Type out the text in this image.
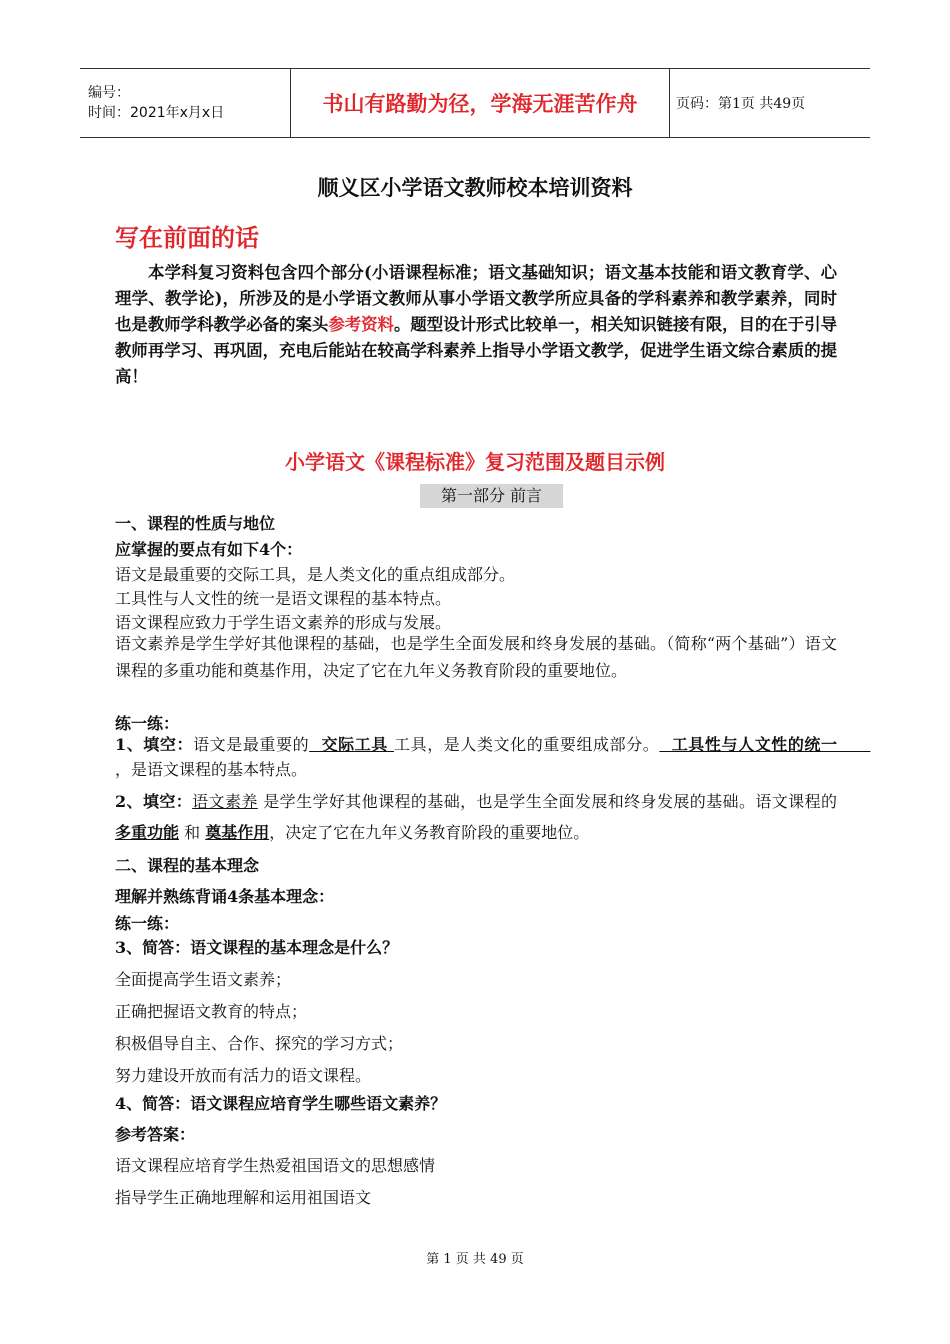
编号：
时间：2021年x月x日	书山有路勤为径，学海无涯苦作舟	页码：第1页 共49页
顺义区小学语文教师校本培训资料
写在前面的话
本学科复习资料包含四个部分(小语课程标准；语文基础知识；语文基本技能和语文教育学、心理学、教学论)，所涉及的是小学语文教师从事小学语文教学所应具备的学科素养和教学素养，同时也是教师学科教学必备的案头参考资料。题型设计形式比较单一，相关知识链接有限，目的在于引导教师再学习、再巩固，充电后能站在较高学科素养上指导小学语文教学，促进学生语文综合素质的提高！
小学语文《课程标准》复习范围及题目示例
第一部分 前言
一、课程的性质与地位
应掌握的要点有如下4个：
语文是最重要的交际工具，是人类文化的重点组成部分。
工具性与人文性的统一是语文课程的基本特点。
语文课程应致力于学生语文素养的形成与发展。
语文素养是学生学好其他课程的基础，也是学生全面发展和终身发展的基础。（简称“两个基础”）语文课程的多重功能和奠基作用，决定了它在九年义务教育阶段的重要地位。
练一练：
1、填空：语文是最重要的  交际工具 工具，是人类文化的重要组成部分。  工具性与人文性的统一      ，是语文课程的基本特点。
2、填空：语文素养 是学生学好其他课程的基础，也是学生全面发展和终身发展的基础。语文课程的 多重功能 和 奠基作用，决定了它在九年义务教育阶段的重要地位。
二、课程的基本理念
理解并熟练背诵4条基本理念：
练一练：
3、简答：语文课程的基本理念是什么？
全面提高学生语文素养；
正确把握语文教育的特点；
积极倡导自主、合作、探究的学习方式；
努力建设开放而有活力的语文课程。
4、简答：语文课程应培育学生哪些语文素养？
参考答案：
语文课程应培育学生热爱祖国语文的思想感情
指导学生正确地理解和运用祖国语文
第 1 页 共 49 页
